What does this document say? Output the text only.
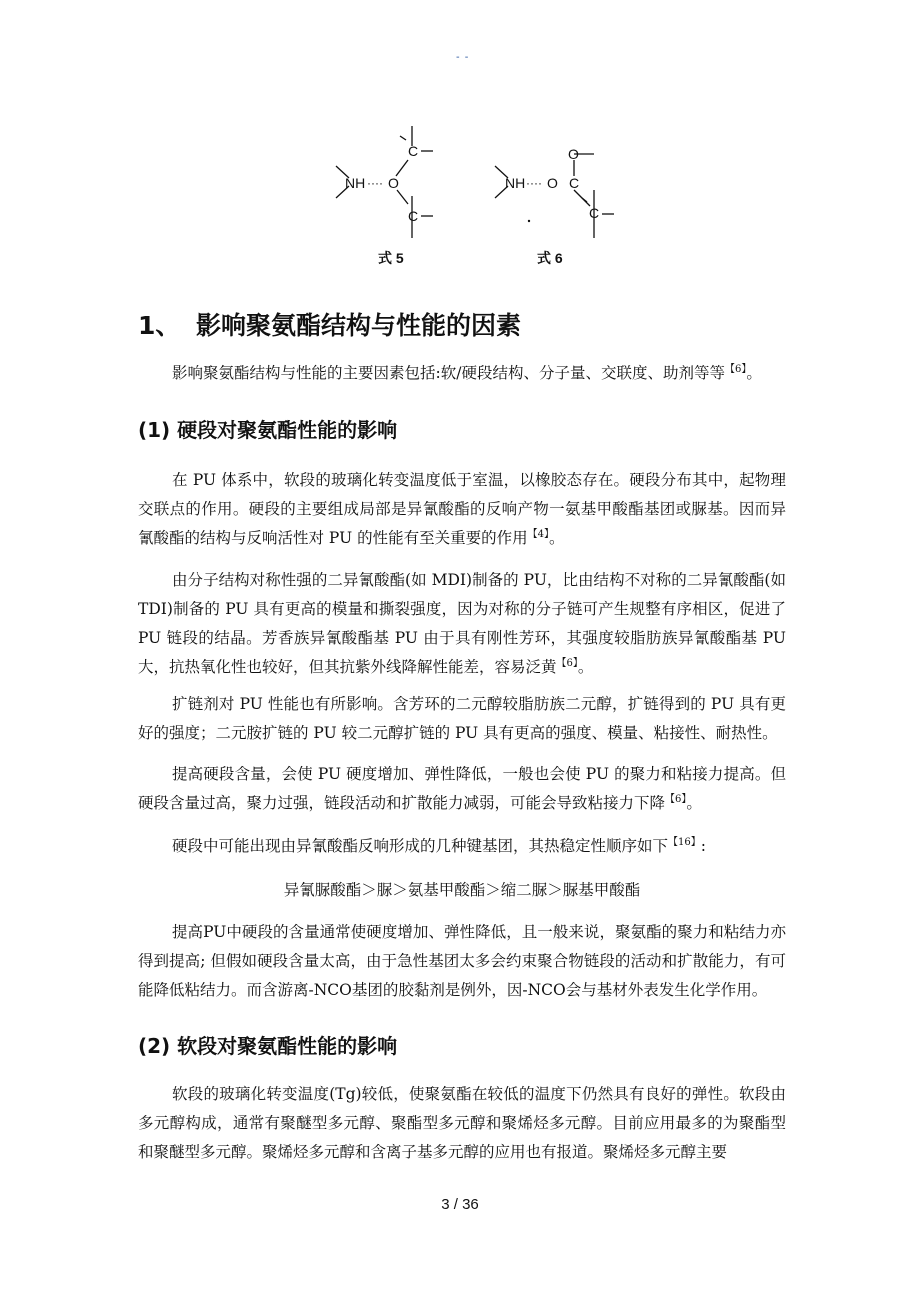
- -
NH ···· O
C
C
式 5
NH ···· O C
O
C
式 6
1、 影响聚氨酯结构与性能的因素
影响聚氨酯结构与性能的主要因素包括:软/硬段结构、分子量、交联度、助剂等等$^{【6】}$。
(1) 硬段对聚氨酯性能的影响
在 PU 体系中，软段的玻璃化转变温度低于室温，以橡胶态存在。硬段分布其中，起物理交联点的作用。硬段的主要组成局部是异氰酸酯的反响产物一氨基甲酸酯基团或脲基。因而异氰酸酯的结构与反响活性对 PU 的性能有至关重要的作用$^{【4】}$。
由分子结构对称性强的二异氰酸酯(如 MDI)制备的 PU，比由结构不对称的二异氰酸酯(如 TDI)制备的 PU 具有更高的模量和撕裂强度，因为对称的分子链可产生规整有序相区，促进了 PU 链段的结晶。芳香族异氰酸酯基 PU 由于具有刚性芳环，其强度较脂肪族异氰酸酯基 PU 大，抗热氧化性也较好，但其抗紫外线降解性能差，容易泛黄$^{【6】}$。
扩链剂对 PU 性能也有所影响。含芳环的二元醇较脂肪族二元醇，扩链得到的 PU 具有更好的强度；二元胺扩链的 PU 较二元醇扩链的 PU 具有更高的强度、模量、粘接性、耐热性。
提高硬段含量，会使 PU 硬度增加、弹性降低，一般也会使 PU 的聚力和粘接力提高。但硬段含量过高，聚力过强，链段活动和扩散能力减弱，可能会导致粘接力下降$^{【6】}$。
硬段中可能出现由异氰酸酯反响形成的几种键基团，其热稳定性顺序如下$^{【16】}$:
异氰脲酸酯＞脲＞氨基甲酸酯＞缩二脲＞脲基甲酸酯
提高PU中硬段的含量通常使硬度增加、弹性降低，且一般来说，聚氨酯的聚力和粘结力亦得到提高; 但假如硬段含量太高，由于急性基团太多会约束聚合物链段的活动和扩散能力，有可能降低粘结力。而含游离-NCO基团的胶黏剂是例外，因-NCO会与基材外表发生化学作用。
(2) 软段对聚氨酯性能的影响
软段的玻璃化转变温度(Tg)较低，使聚氨酯在较低的温度下仍然具有良好的弹性。软段由多元醇构成，通常有聚醚型多元醇、聚酯型多元醇和聚烯烃多元醇。目前应用最多的为聚酯型和聚醚型多元醇。聚烯烃多元醇和含离子基多元醇的应用也有报道。聚烯烃多元醇主要
3 / 36
